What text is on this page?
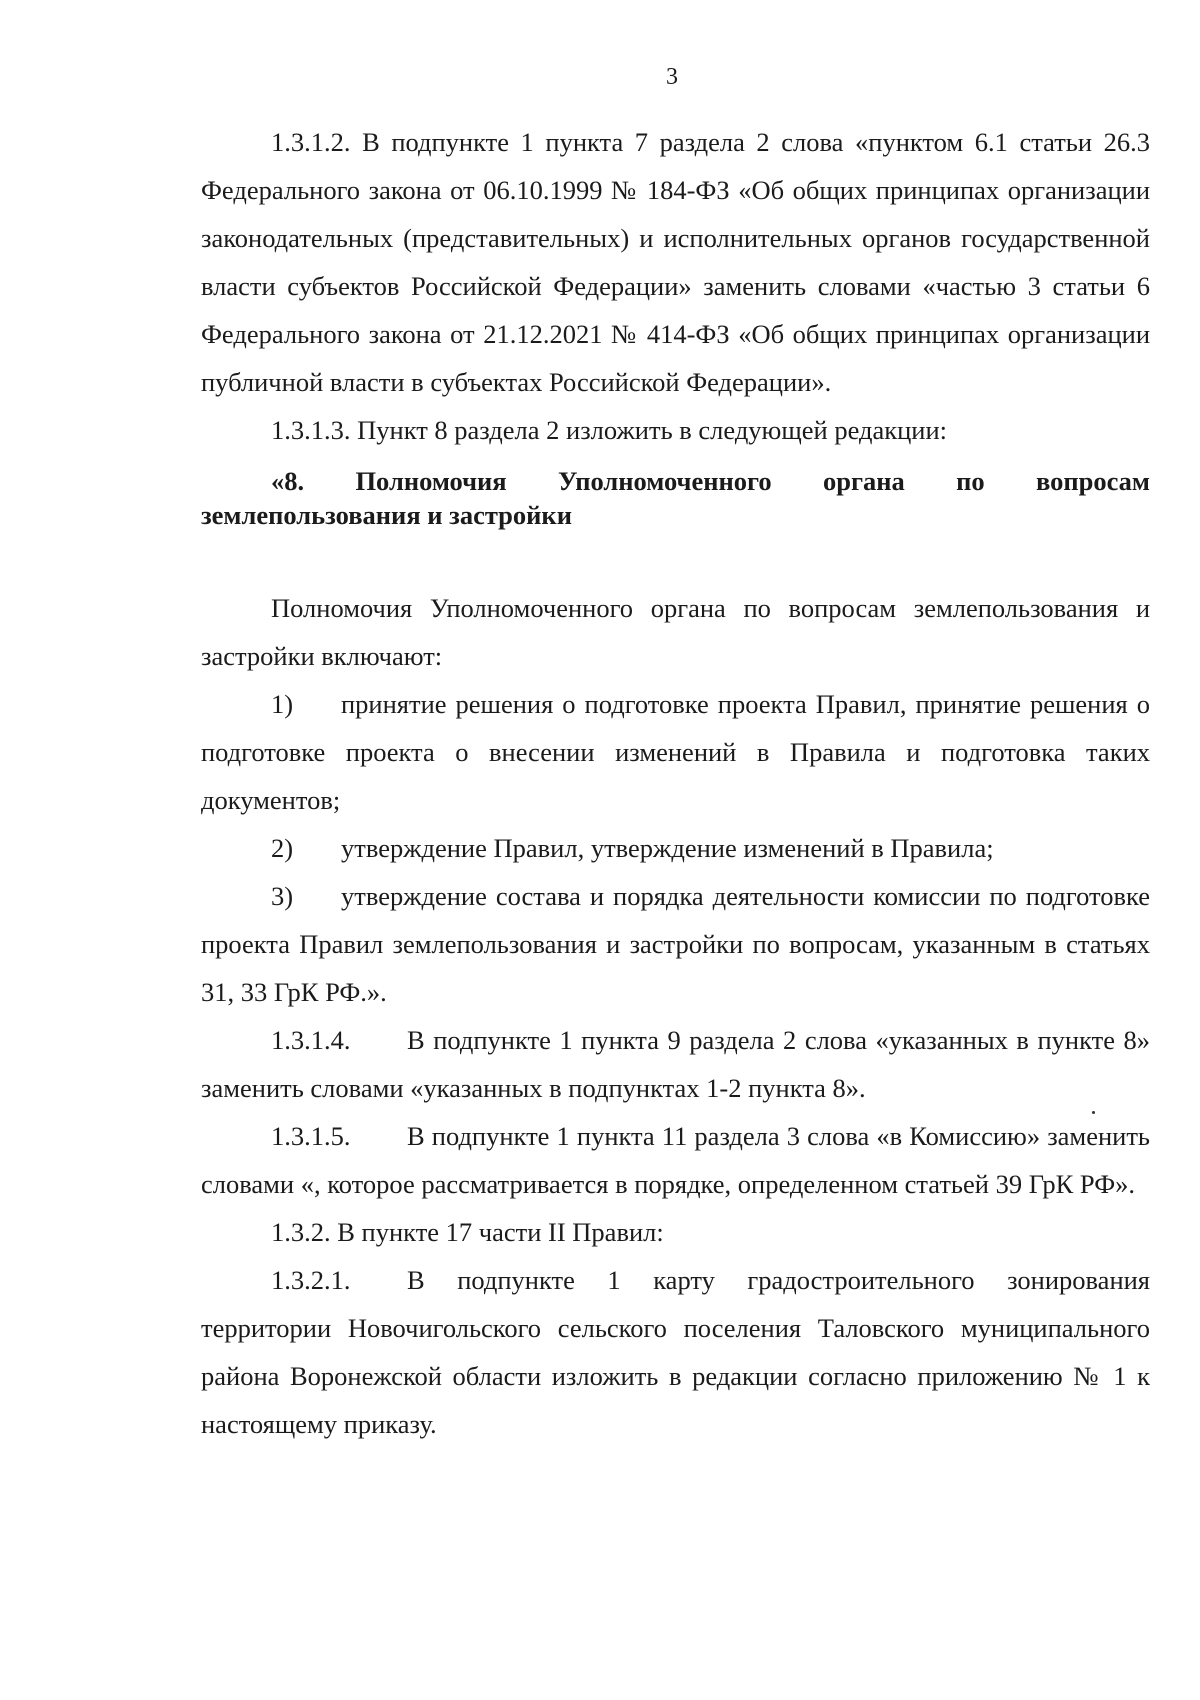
3

1.3.1.2. В подпункте 1 пункта 7 раздела 2 слова «пунктом 6.1 статьи 26.3 Федерального закона от 06.10.1999 № 184-ФЗ «Об общих принципах организации законодательных (представительных) и исполнительных органов государственной власти субъектов Российской Федерации» заменить словами «частью 3 статьи 6 Федерального закона от 21.12.2021 № 414-ФЗ «Об общих принципах организации публичной власти в субъектах Российской Федерации».

1.3.1.3. Пункт 8 раздела 2 изложить в следующей редакции:

«8. Полномочия Уполномоченного органа по вопросам
землепользования и застройки

Полномочия Уполномоченного органа по вопросам землепользования и застройки включают:

1) принятие решения о подготовке проекта Правил, принятие решения о подготовке проекта о внесении изменений в Правила и подготовка таких документов;

2) утверждение Правил, утверждение изменений в Правила;

3) утверждение состава и порядка деятельности комиссии по подготовке проекта Правил землепользования и застройки по вопросам, указанным в статьях 31, 33 ГрК РФ.».

1.3.1.4. В подпункте 1 пункта 9 раздела 2 слова «указанных в пункте 8» заменить словами «указанных в подпунктах 1-2 пункта 8».

1.3.1.5. В подпункте 1 пункта 11 раздела 3 слова «в Комиссию» заменить словами «, которое рассматривается в порядке, определенном статьей 39 ГрК РФ».

1.3.2. В пункте 17 части II Правил:

1.3.2.1. В подпункте 1 карту градостроительного зонирования территории Новочигольского сельского поселения Таловского муниципального района Воронежской области изложить в редакции согласно приложению № 1 к настоящему приказу.
